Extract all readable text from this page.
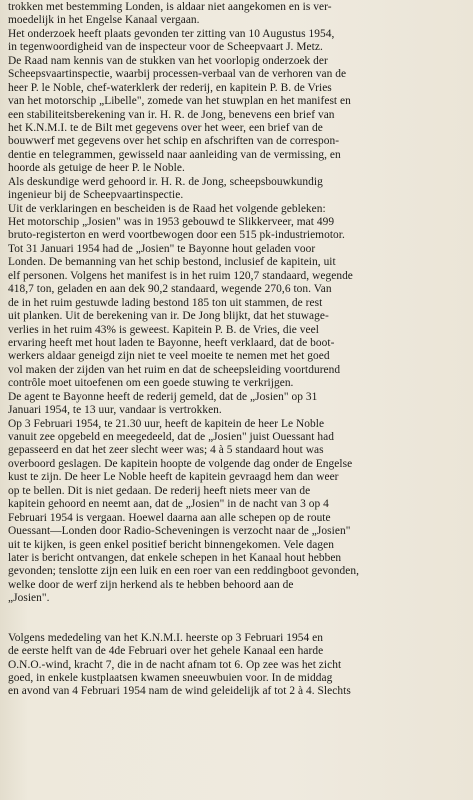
trokken met bestemming Londen, is aldaar niet aangekomen en is ver-
moedelijk in het Engelse Kanaal vergaan.
Het onderzoek heeft plaats gevonden ter zitting van 10 Augustus 1954,
in tegenwoordigheid van de inspecteur voor de Scheepvaart J. Metz.
De Raad nam kennis van de stukken van het voorlopig onderzoek der
Scheepsvaartinspectie, waarbij processen-verbaal van de verhoren van de
heer P. le Noble, chef-waterklerk der rederij, en kapitein P. B. de Vries
van het motorschip „Libelle", zomede van het stuwplan en het manifest en
een stabiliteitsberekening van ir. H. R. de Jong, benevens een brief van
het K.N.M.I. te de Bilt met gegevens over het weer, een brief van de
bouwwerf met gegevens over het schip en afschriften van de correspon-
dentie en telegrammen, gewisseld naar aanleiding van de vermissing, en
hoorde als getuige de heer P. le Noble.
Als deskundige werd gehoord ir. H. R. de Jong, scheepsbouwkundig
ingenieur bij de Scheepvaartinspectie.
Uit de verklaringen en bescheiden is de Raad het volgende gebleken:
Het motorschip „Josien" was in 1953 gebouwd te Slikkerveer, mat 499
bruto-registerton en werd voortbewogen door een 515 pk-industriemotor.
Tot 31 Januari 1954 had de „Josien" te Bayonne hout geladen voor
Londen. De bemanning van het schip bestond, inclusief de kapitein, uit
elf personen. Volgens het manifest is in het ruim 120,7 standaard, wegende
418,7 ton, geladen en aan dek 90,2 standaard, wegende 270,6 ton. Van
de in het ruim gestuwde lading bestond 185 ton uit stammen, de rest
uit planken. Uit de berekening van ir. De Jong blijkt, dat het stuwage-
verlies in het ruim 43% is geweest. Kapitein P. B. de Vries, die veel
ervaring heeft met hout laden te Bayonne, heeft verklaard, dat de boot-
werkers aldaar geneigd zijn niet te veel moeite te nemen met het goed
vol maken der zijden van het ruim en dat de scheepsleiding voortdurend
contrôle moet uitoefenen om een goede stuwing te verkrijgen.
De agent te Bayonne heeft de rederij gemeld, dat de „Josien" op 31
Januari 1954, te 13 uur, vandaar is vertrokken.
Op 3 Februari 1954, te 21.30 uur, heeft de kapitein de heer Le Noble
vanuit zee opgebeld en meegedeeld, dat de „Josien" juist Ouessant had
gepasseerd en dat het zeer slecht weer was; 4 à 5 standaard hout was
overboord geslagen. De kapitein hoopte de volgende dag onder de Engelse
kust te zijn. De heer Le Noble heeft de kapitein gevraagd hem dan weer
op te bellen. Dit is niet gedaan. De rederij heeft niets meer van de
kapitein gehoord en neemt aan, dat de „Josien" in de nacht van 3 op 4
Februari 1954 is vergaan. Hoewel daarna aan alle schepen op de route
Ouessant—Londen door Radio-Scheveningen is verzocht naar de „Josien"
uit te kijken, is geen enkel positief bericht binnengekomen. Vele dagen
later is bericht ontvangen, dat enkele schepen in het Kanaal hout hebben
gevonden; tenslotte zijn een luik en een roer van een reddingboot gevonden,
welke door de werf zijn herkend als te hebben behoord aan de
„Josien".
Volgens mededeling van het K.N.M.I. heerste op 3 Februari 1954 en
de eerste helft van de 4de Februari over het gehele Kanaal een harde
O.N.O.-wind, kracht 7, die in de nacht afnam tot 6. Op zee was het zicht
goed, in enkele kustplaatsen kwamen sneeuwbuien voor. In de middag
en avond van 4 Februari 1954 nam de wind geleidelijk af tot 2 à 4. Slechts
